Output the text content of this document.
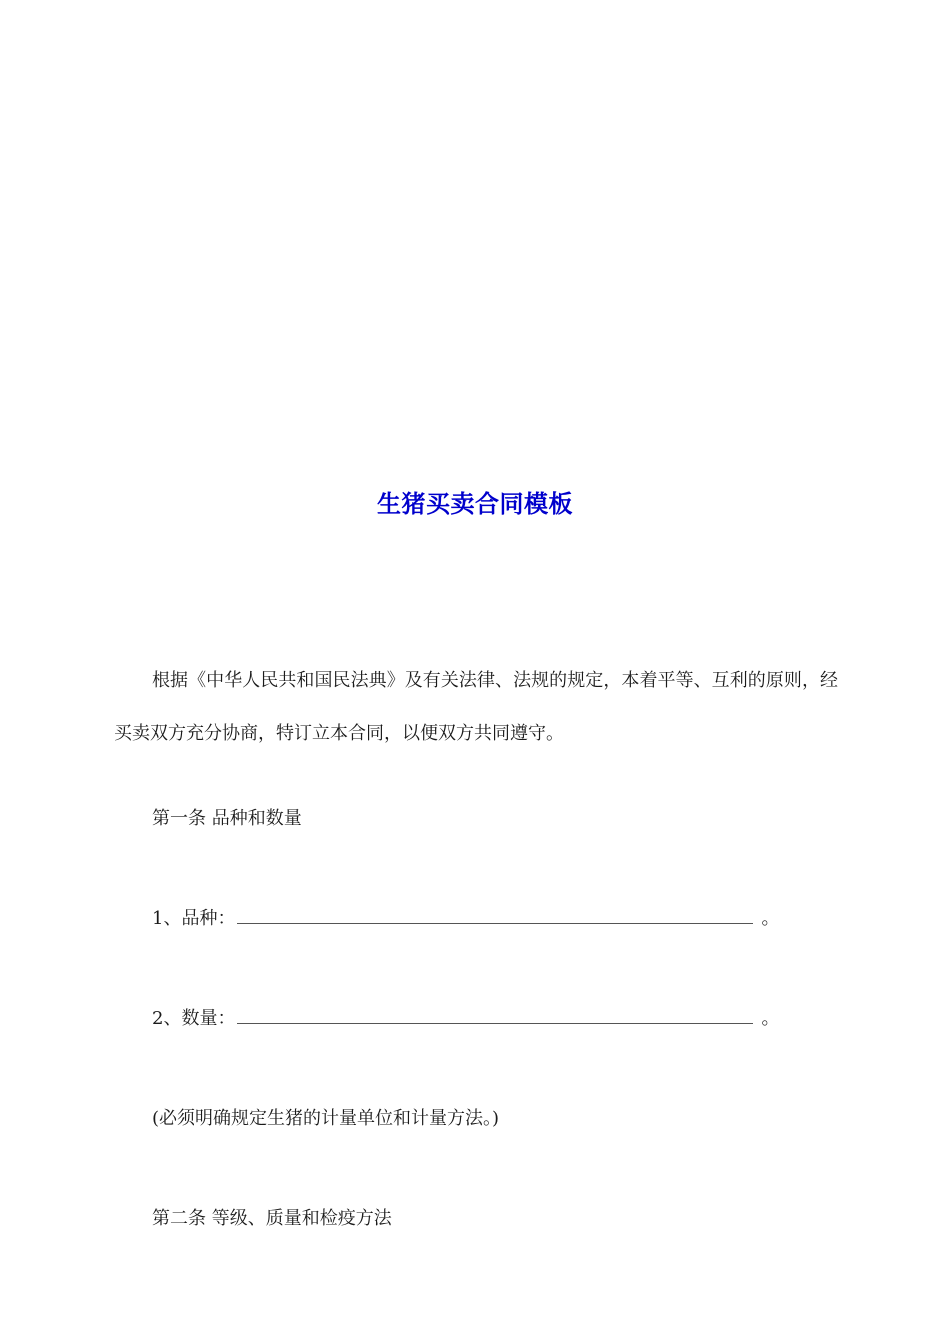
生猪买卖合同模板
根据《中华人民共和国民法典》及有关法律、法规的规定，本着平等、互利的原则，经买卖双方充分协商，特订立本合同，以便双方共同遵守。
第一条 品种和数量
1、品种：	。
2、数量：	。
(必须明确规定生猪的计量单位和计量方法。)
第二条 等级、质量和检疫方法
